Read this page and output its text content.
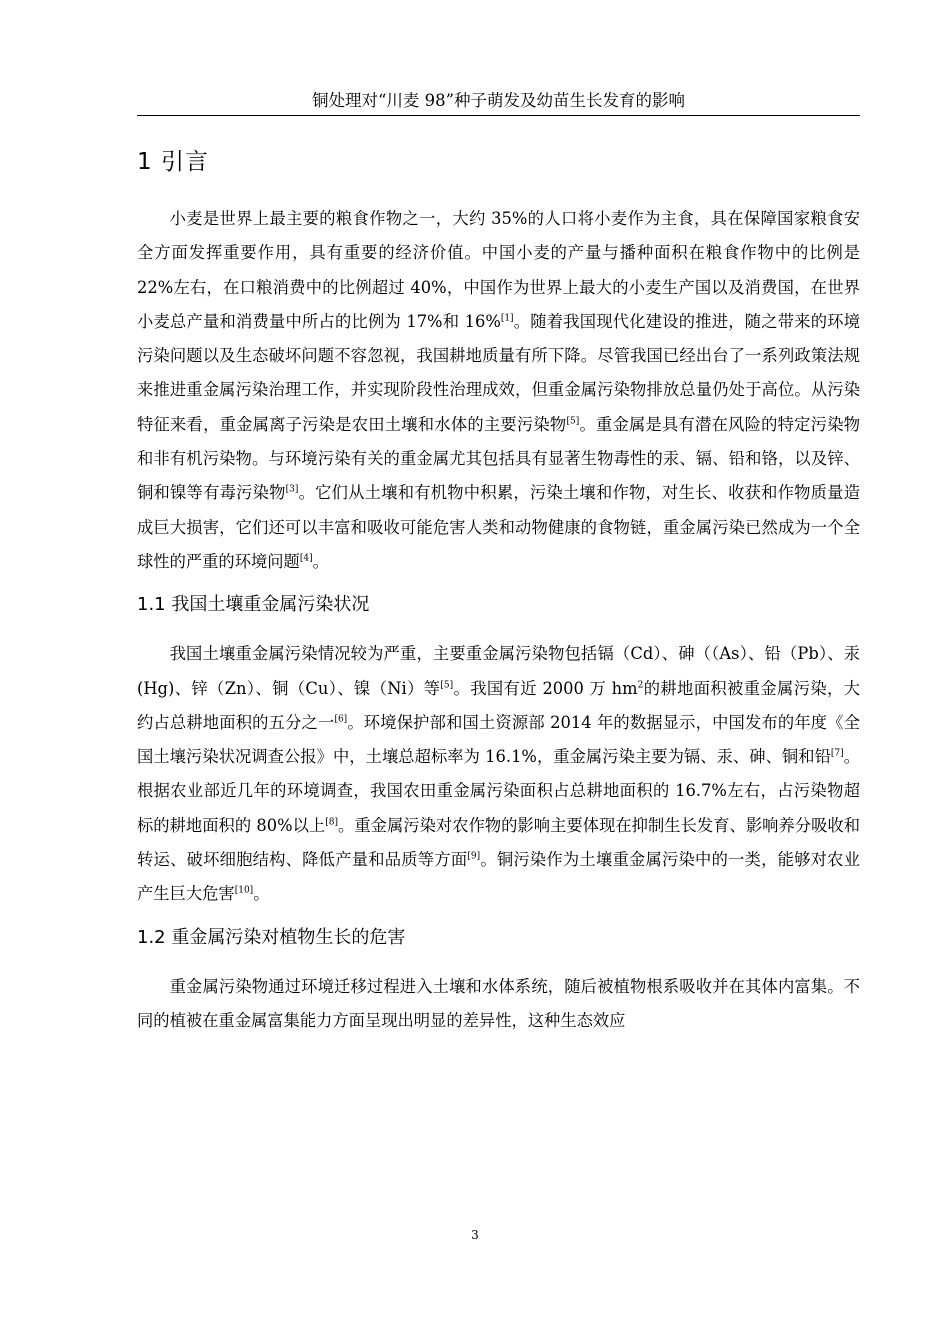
铜处理对“川麦 98”种子萌发及幼苗生长发育的影响
1 引言

小麦是世界上最主要的粮食作物之一，大约 35%的人口将小麦作为主食，具在保障国家粮食安全方面发挥重要作用，具有重要的经济价值。中国小麦的产量与播种面积在粮食作物中的比例是 22%左右，在口粮消费中的比例超过 40%，中国作为世界上最大的小麦生产国以及消费国，在世界小麦总产量和消费量中所占的比例为 17%和 16%[1]。随着我国现代化建设的推进，随之带来的环境污染问题以及生态破坏问题不容忽视，我国耕地质量有所下降。尽管我国已经出台了一系列政策法规来推进重金属污染治理工作，并实现阶段性治理成效，但重金属污染物排放总量仍处于高位。从污染特征来看，重金属离子污染是农田土壤和水体的主要污染物[5]。重金属是具有潜在风险的特定污染物和非有机污染物。与环境污染有关的重金属尤其包括具有显著生物毒性的汞、镉、铅和铬，以及锌、铜和镍等有毒污染物[3]。它们从土壤和有机物中积累，污染土壤和作物，对生长、收获和作物质量造成巨大损害，它们还可以丰富和吸收可能危害人类和动物健康的食物链，重金属污染已然成为一个全球性的严重的环境问题[4]。

1.1 我国土壤重金属污染状况

我国土壤重金属污染情况较为严重，主要重金属污染物包括镉（Cd）、砷（（As）、铅（Pb）、汞(Hg)、锌（Zn）、铜（Cu）、镍（Ni）等[5]。我国有近 2000 万 $hm^2$的耕地面积被重金属污染，大约占总耕地面积的五分之一[6]。环境保护部和国土资源部 2014 年的数据显示，中国发布的年度《全国土壤污染状况调查公报》中，土壤总超标率为 16.1%，重金属污染主要为镉、汞、砷、铜和铅[7]。根据农业部近几年的环境调查，我国农田重金属污染面积占总耕地面积的 16.7%左右，占污染物超标的耕地面积的 80%以上[8]。重金属污染对农作物的影响主要体现在抑制生长发育、影响养分吸收和转运、破坏细胞结构、降低产量和品质等方面[9]。铜污染作为土壤重金属污染中的一类，能够对农业产生巨大危害[10]。

1.2 重金属污染对植物生长的危害

重金属污染物通过环境迁移过程进入土壤和水体系统，随后被植物根系吸收并在其体内富集。不同的植被在重金属富集能力方面呈现出明显的差异性，这种生态效应

3
